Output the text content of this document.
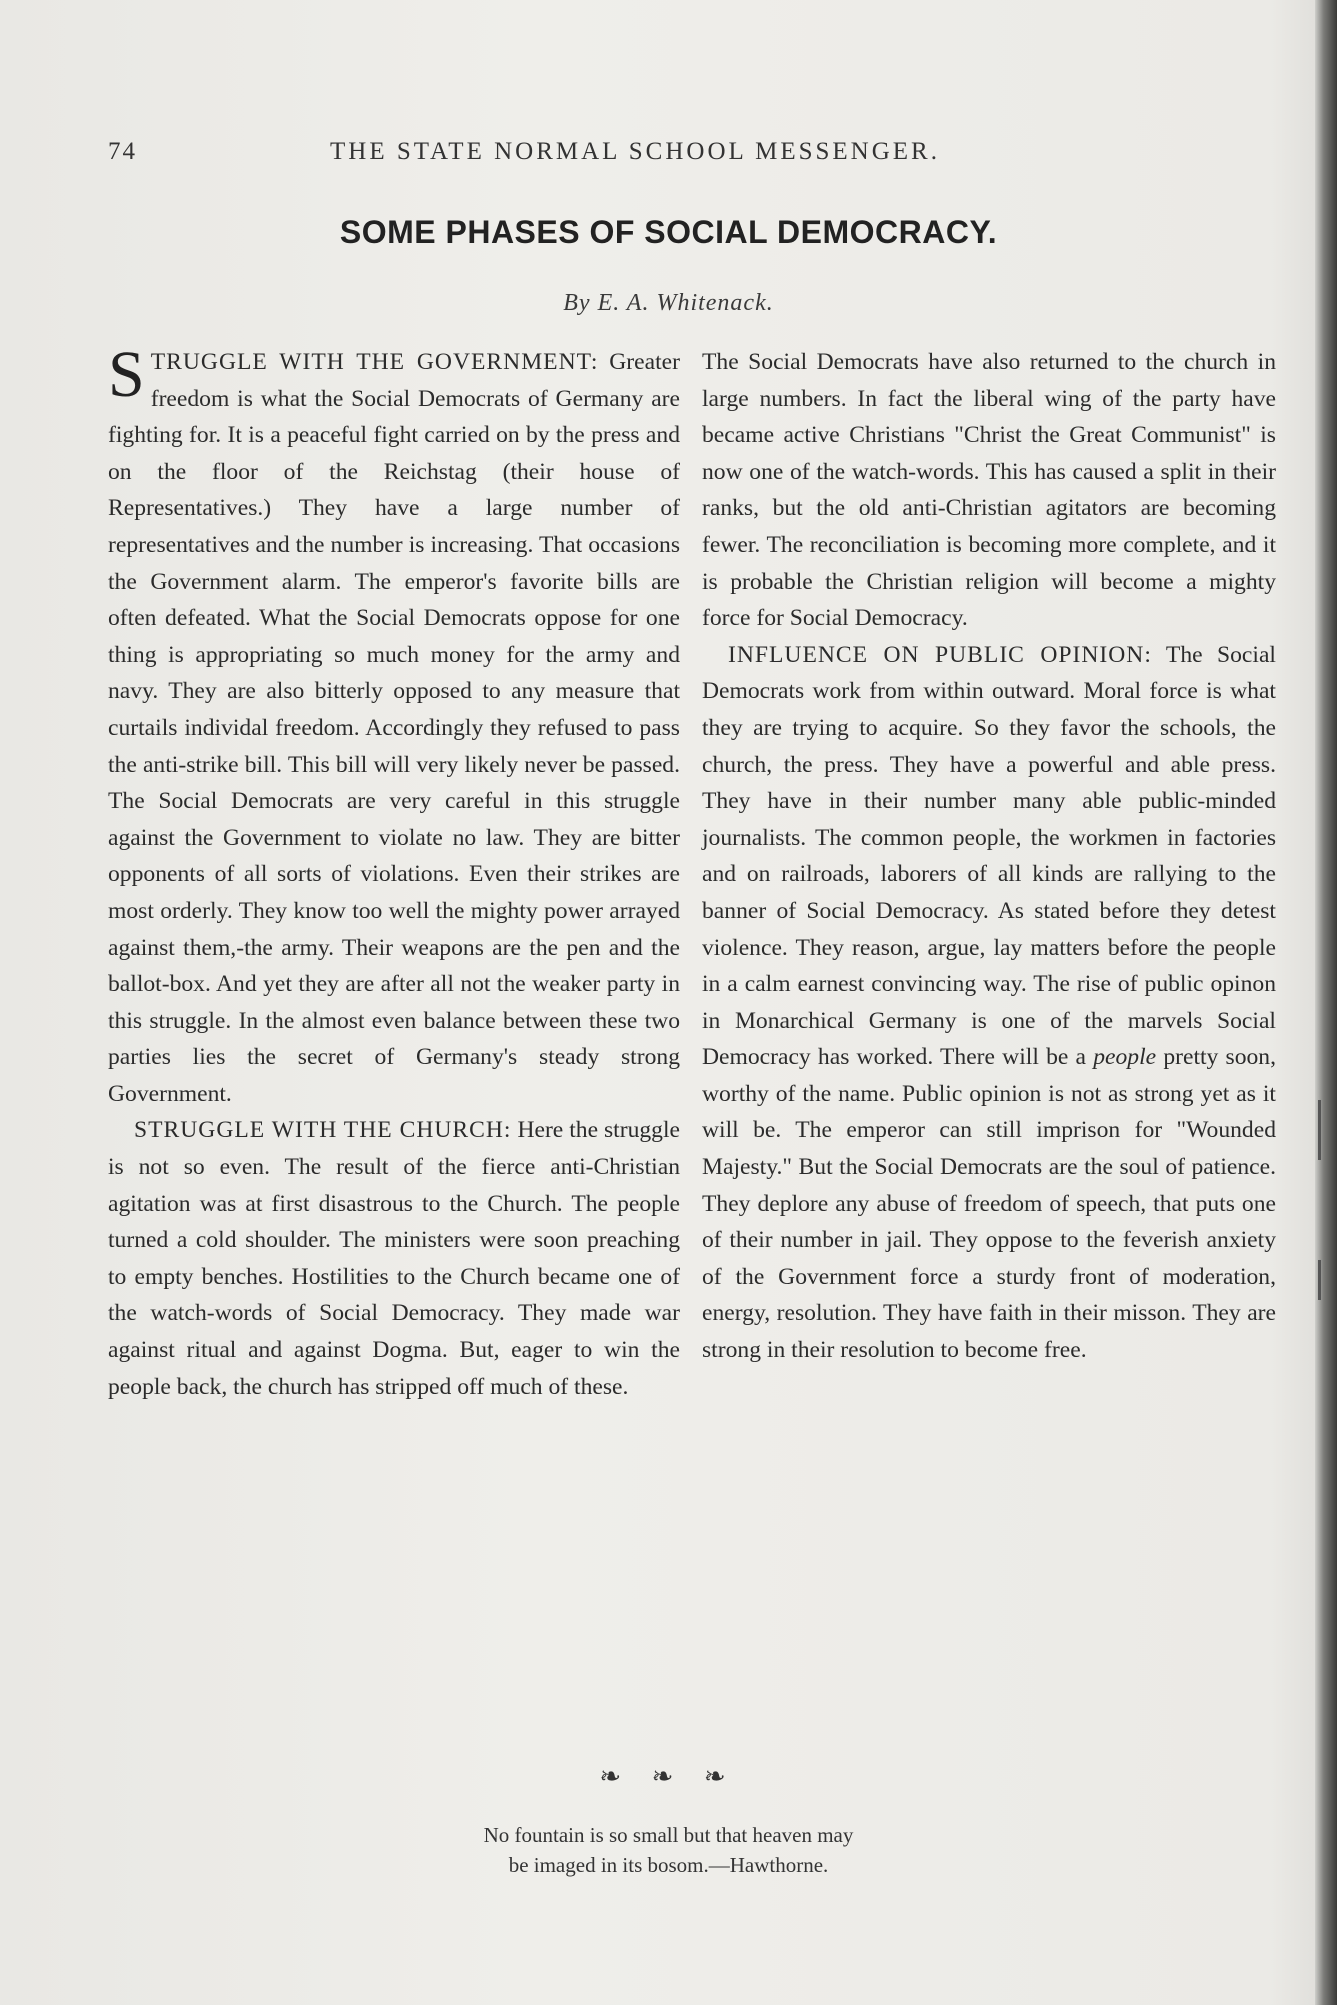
74	THE STATE NORMAL SCHOOL MESSENGER.
SOME PHASES OF SOCIAL DEMOCRACY.
By E. A. Whitenack.

STRUGGLE WITH THE GOVERNMENT: Greater freedom is what the Social Democrats of Germany are fighting for. It is a peaceful fight carried on by the press and on the floor of the Reichstag (their house of Representatives.) They have a large number of representatives and the number is increasing. That occasions the Government alarm. The emperor's favorite bills are often defeated. What the Social Democrats oppose for one thing is appropriating so much money for the army and navy. They are also bitterly opposed to any measure that curtails individal freedom. Accordingly they refused to pass the anti-strike bill. This bill will very likely never be passed. The Social Democrats are very careful in this struggle against the Government to violate no law. They are bitter opponents of all sorts of violations. Even their strikes are most orderly. They know too well the mighty power arrayed against them,-the army. Their weapons are the pen and the ballot-box. And yet they are after all not the weaker party in this struggle. In the almost even balance between these two parties lies the secret of Germany's steady strong Government.

STRUGGLE WITH THE CHURCH: Here the struggle is not so even. The result of the fierce anti-Christian agitation was at first disastrous to the Church. The people turned a cold shoulder. The ministers were soon preaching to empty benches. Hostilities to the Church became one of the watch-words of Social Democracy. They made war against ritual and against Dogma. But, eager to win the people back, the church has stripped off much of these.

The Social Democrats have also returned to the church in large numbers. In fact the liberal wing of the party have became active Christians "Christ the Great Communist" is now one of the watch-words. This has caused a split in their ranks, but the old anti-Christian agitators are becoming fewer. The reconciliation is becoming more complete, and it is probable the Christian religion will become a mighty force for Social Democracy.

INFLUENCE ON PUBLIC OPINION: The Social Democrats work from within outward. Moral force is what they are trying to acquire. So they favor the schools, the church, the press. They have a powerful and able press. They have in their number many able public-minded journalists. The common people, the workmen in factories and on railroads, laborers of all kinds are rallying to the banner of Social Democracy. As stated before they detest violence. They reason, argue, lay matters before the people in a calm earnest convincing way. The rise of public opinon in Monarchical Germany is one of the marvels Social Democracy has worked. There will be a people pretty soon, worthy of the name. Public opinion is not as strong yet as it will be. The emperor can still imprison for "Wounded Majesty." But the Social Democrats are the soul of patience. They deplore any abuse of freedom of speech, that puts one of their number in jail. They oppose to the feverish anxiety of the Government force a sturdy front of moderation, energy, resolution. They have faith in their misson. They are strong in their resolution to become free.

❧ ❧ ❧
No fountain is so small but that heaven may
be imaged in its bosom.—Hawthorne.
